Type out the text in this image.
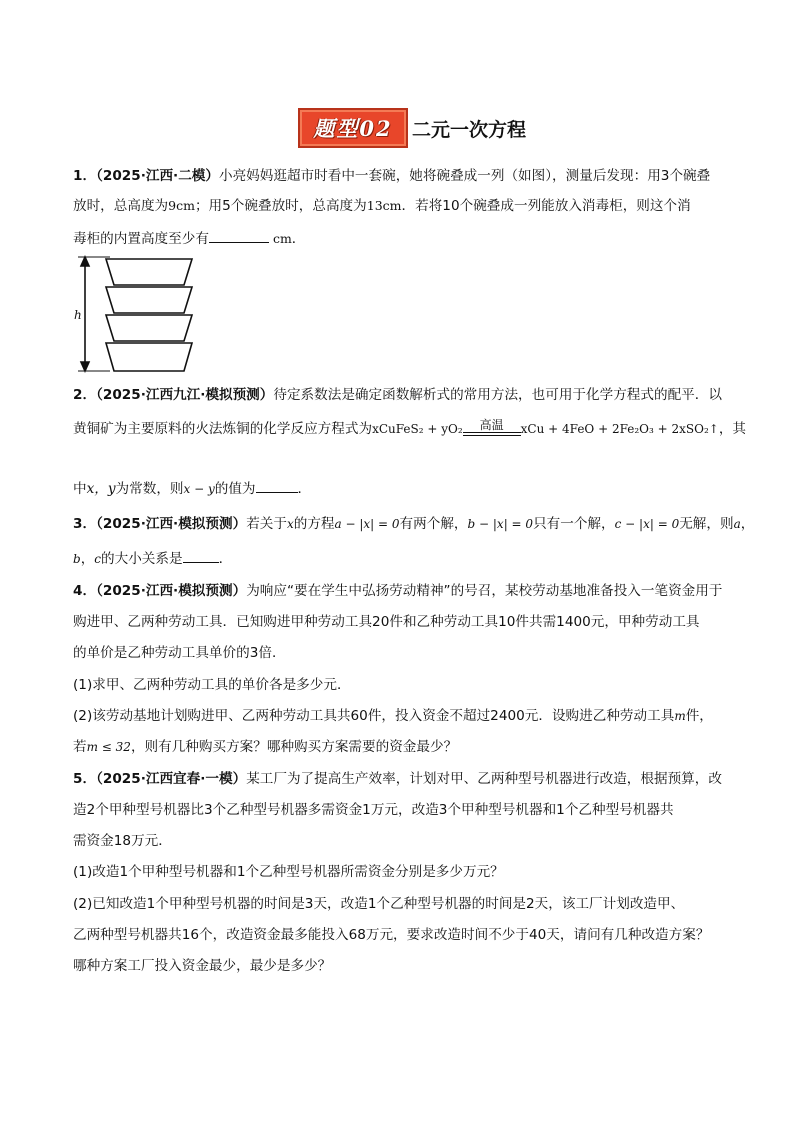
题型02 二元一次方程
1．（2025·江西·二模）小亮妈妈逛超市时看中一套碗，她将碗叠成一列（如图），测量后发现：用3个碗叠
放时，总高度为9cm；用5个碗叠放时，总高度为13cm．若将10个碗叠成一列能放入消毒柜，则这个消
毒柜的内置高度至少有	cm．
h
2．（2025·江西九江·模拟预测）待定系数法是确定函数解析式的常用方法，也可用于化学方程式的配平．以
黄铜矿为主要原料的火法炼铜的化学反应方程式为xCuFeS₂ + yO₂	高温	xCu + 4FeO + 2Fe₂O₃ + 2xSO₂↑，其
中x，y为常数，则x − y的值为	．
3．（2025·江西·模拟预测）若关于x的方程a − |x| = 0有两个解，b − |x| = 0只有一个解，c − |x| = 0无解，则a，
b，c的大小关系是	．
4．（2025·江西·模拟预测）为响应“要在学生中弘扬劳动精神”的号召，某校劳动基地准备投入一笔资金用于
购进甲、乙两种劳动工具．已知购进甲种劳动工具20件和乙种劳动工具10件共需1400元，甲种劳动工具
的单价是乙种劳动工具单价的3倍．
(1)求甲、乙两种劳动工具的单价各是多少元．
(2)该劳动基地计划购进甲、乙两种劳动工具共60件，投入资金不超过2400元．设购进乙种劳动工具m件，
若m ≤ 32，则有几种购买方案？哪种购买方案需要的资金最少？
5．（2025·江西宜春·一模）某工厂为了提高生产效率，计划对甲、乙两种型号机器进行改造，根据预算，改
造2个甲种型号机器比3个乙种型号机器多需资金1万元，改造3个甲种型号机器和1个乙种型号机器共
需资金18万元．
(1)改造1个甲种型号机器和1个乙种型号机器所需资金分别是多少万元？
(2)已知改造1个甲种型号机器的时间是3天，改造1个乙种型号机器的时间是2天，该工厂计划改造甲、
乙两种型号机器共16个，改造资金最多能投入68万元，要求改造时间不少于40天，请问有几种改造方案？
哪种方案工厂投入资金最少，最少是多少？
